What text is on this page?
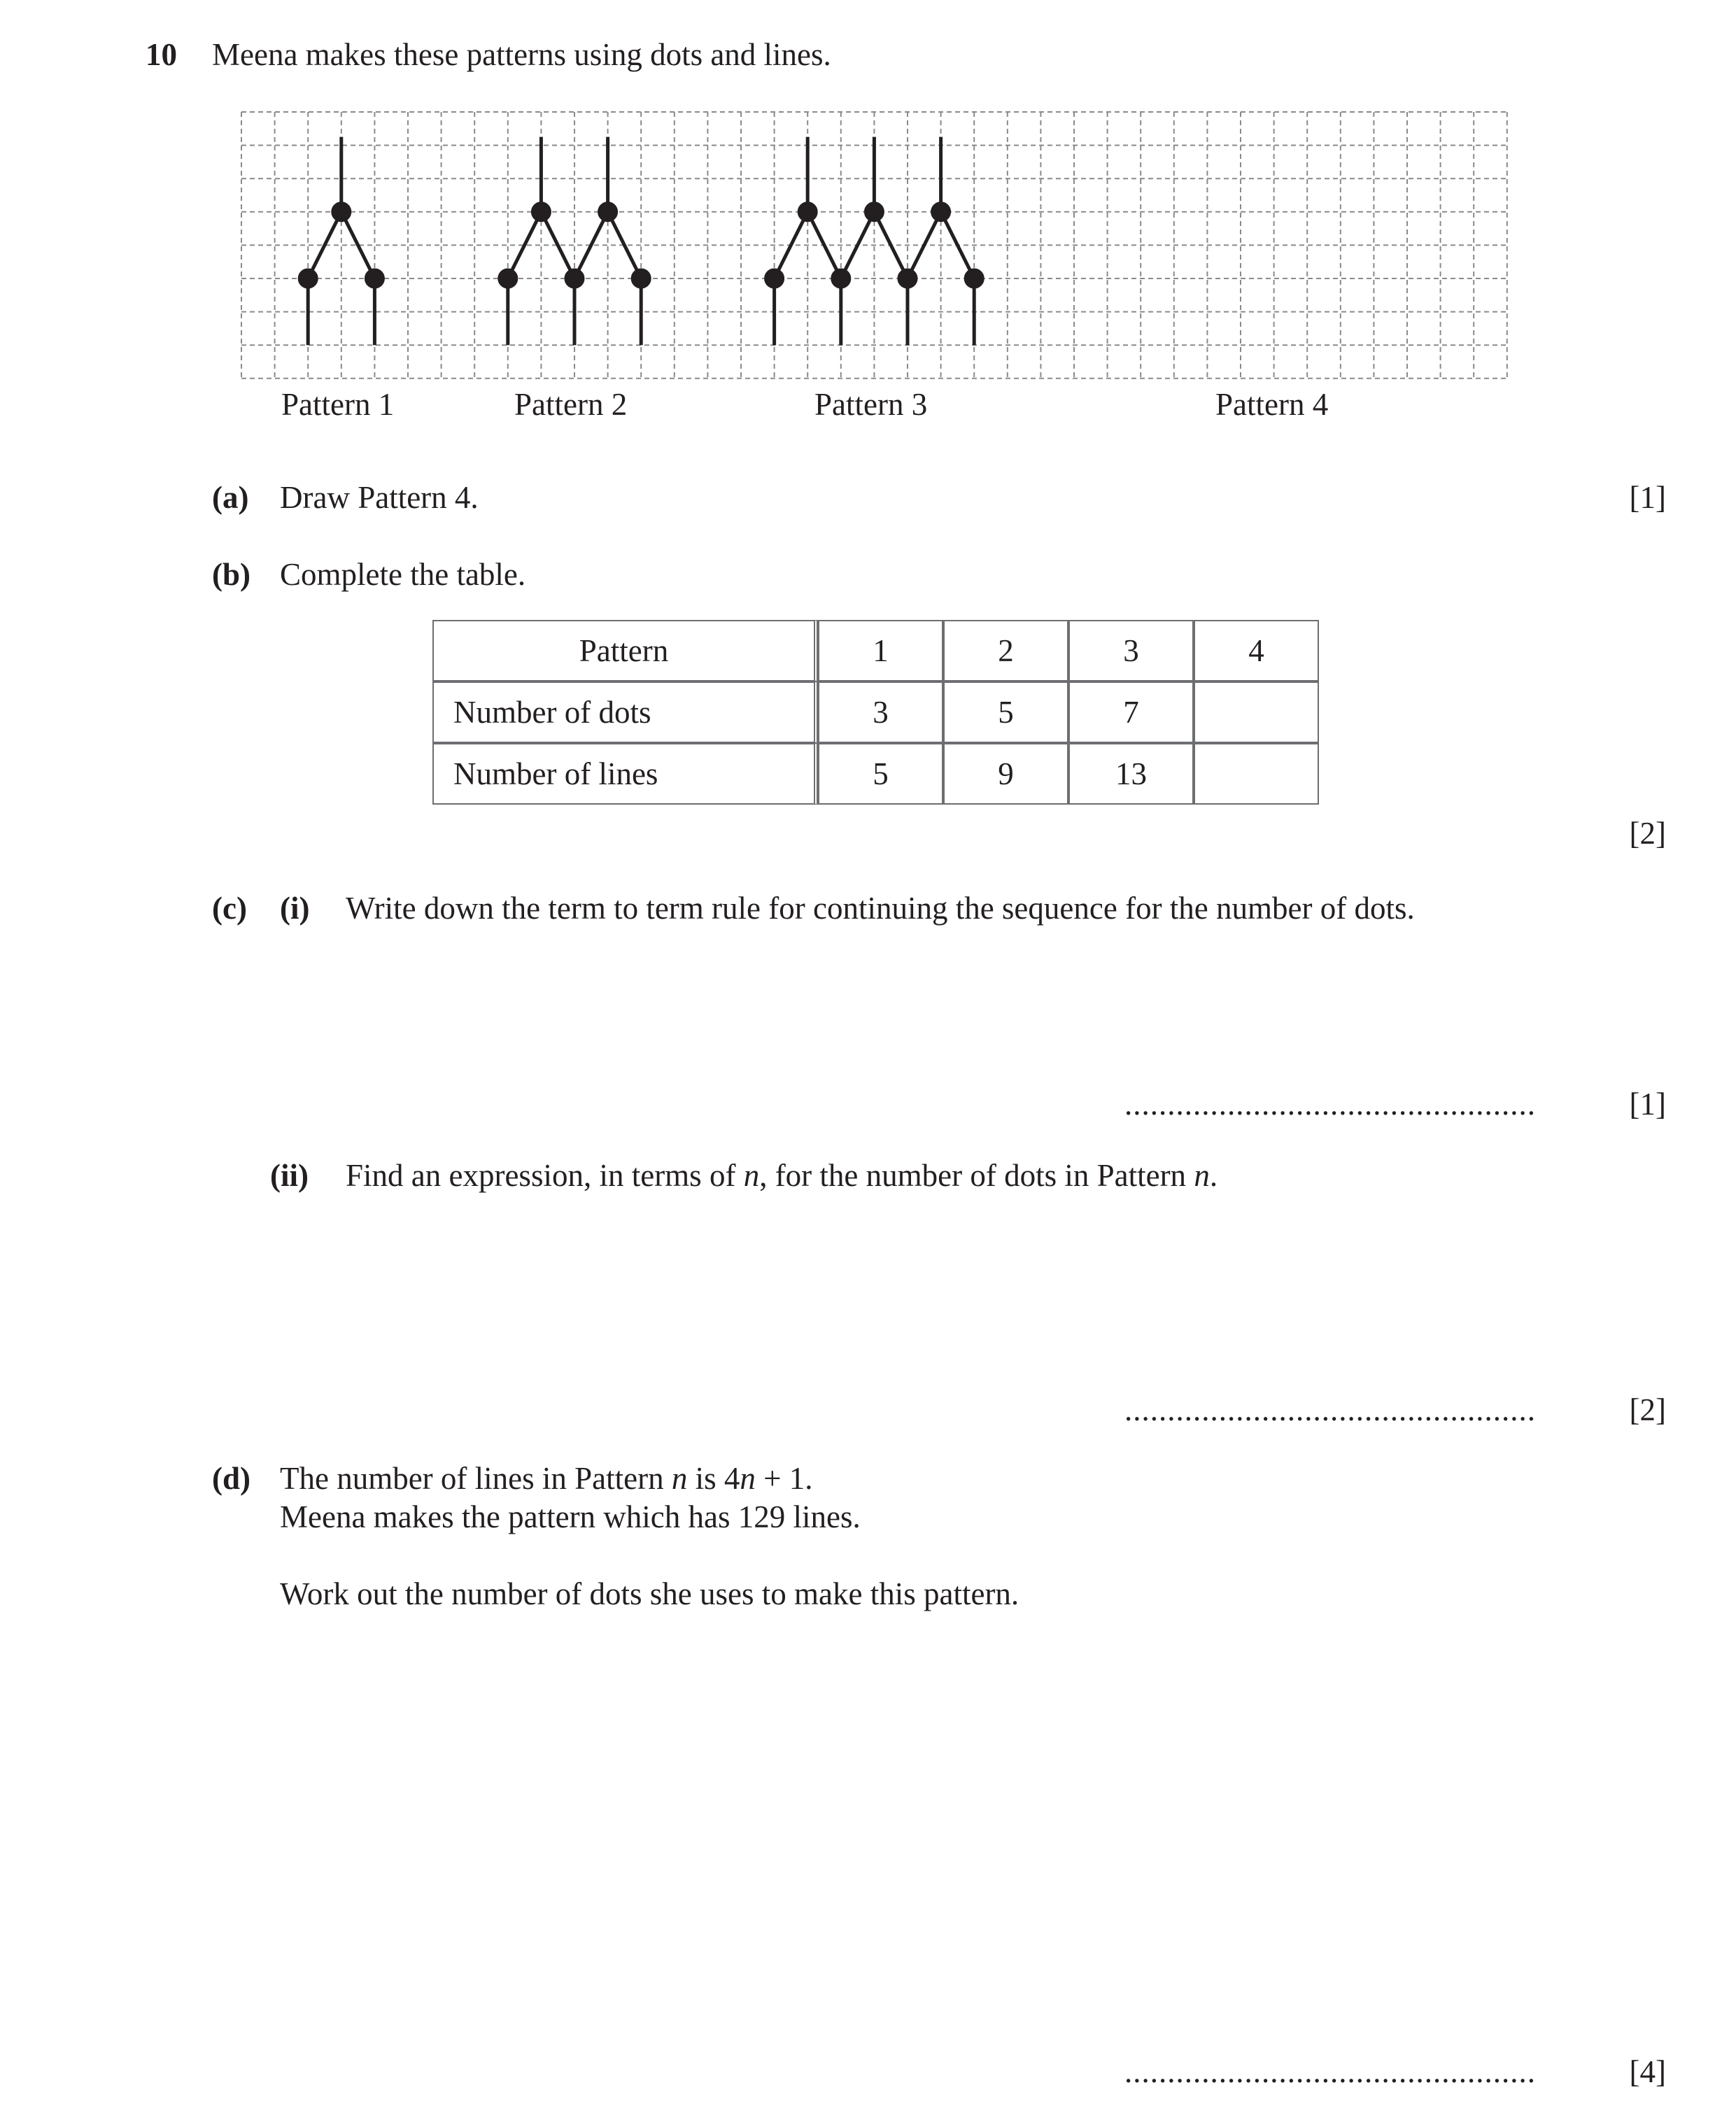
10 Meena makes these patterns using dots and lines.
Pattern 1	Pattern 2	Pattern 3	Pattern 4
(a) Draw Pattern 4.	[1]
(b) Complete the table.
Pattern	1	2	3	4
Number of dots	3	5	7	
Number of lines	5	9	13	
[2]
(c) (i) Write down the term to term rule for continuing the sequence for the number of dots.
................................................	[1]
(ii) Find an expression, in terms of n, for the number of dots in Pattern n.
................................................	[2]
(d) The number of lines in Pattern n is 4n + 1.
Meena makes the pattern which has 129 lines.
Work out the number of dots she uses to make this pattern.
................................................	[4]
